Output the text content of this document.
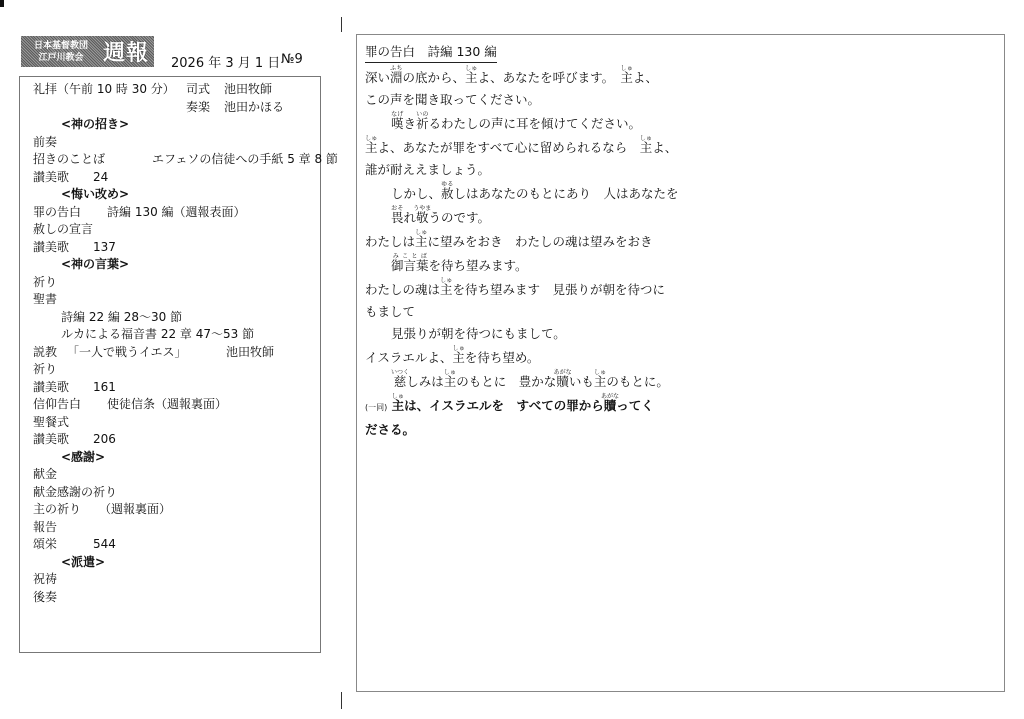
日本基督教団
江戸川教会 週報 2026 年 3 月 1 日 №9
礼拝（午前 10 時 30 分） 司式 池田牧師
奏楽 池田かほる
<神の招き>
前奏
招きのことば	エフェソの信徒への手紙 5 章 8 節
讃美歌 24
<悔い改め>
罪の告白 詩編 130 編（週報表面）
赦しの宣言
讃美歌 137
<神の言葉>
祈り
聖書
詩編 22 編 28～30 節
ルカによる福音書 22 章 47～53 節
説教 「一人で戦うイエス」	池田牧師
祈り
讃美歌 161
信仰告白 使徒信条（週報裏面）
聖餐式
讃美歌 206
<感謝>
献金
献金感謝の祈り
主の祈り （週報裏面）
報告
頌栄	544
<派遣>
祝祷
後奏
罪の告白　詩編 130 編
深い淵ふちの底から、主しゅよ、あなたを呼びます。　主しゅよ、
この声を聞き取ってください。
嘆なげき祈いのるわたしの声に耳を傾けてください。
主しゅよ、あなたが罪をすべて心に留められるなら　主しゅよ、
誰が耐ええましょう。
しかし、赦ゆるしはあなたのもとにあり　人はあなたを
畏おそれ敬うやまうのです。
わたしは主しゅに望みをおき　わたしの魂は望みをおき
御言葉みことばを待ち望みます。
わたしの魂は主しゅを待ち望みます　見張りが朝を待つに
もまして
見張りが朝を待つにもまして。
イスラエルよ、主しゅを待ち望め。
慈いつくしみは主しゅのもとに　豊かな贖あがないも主しゅのもとに。
(一同) 主しゅは、イスラエルを　すべての罪から贖あがなってく
ださる。
